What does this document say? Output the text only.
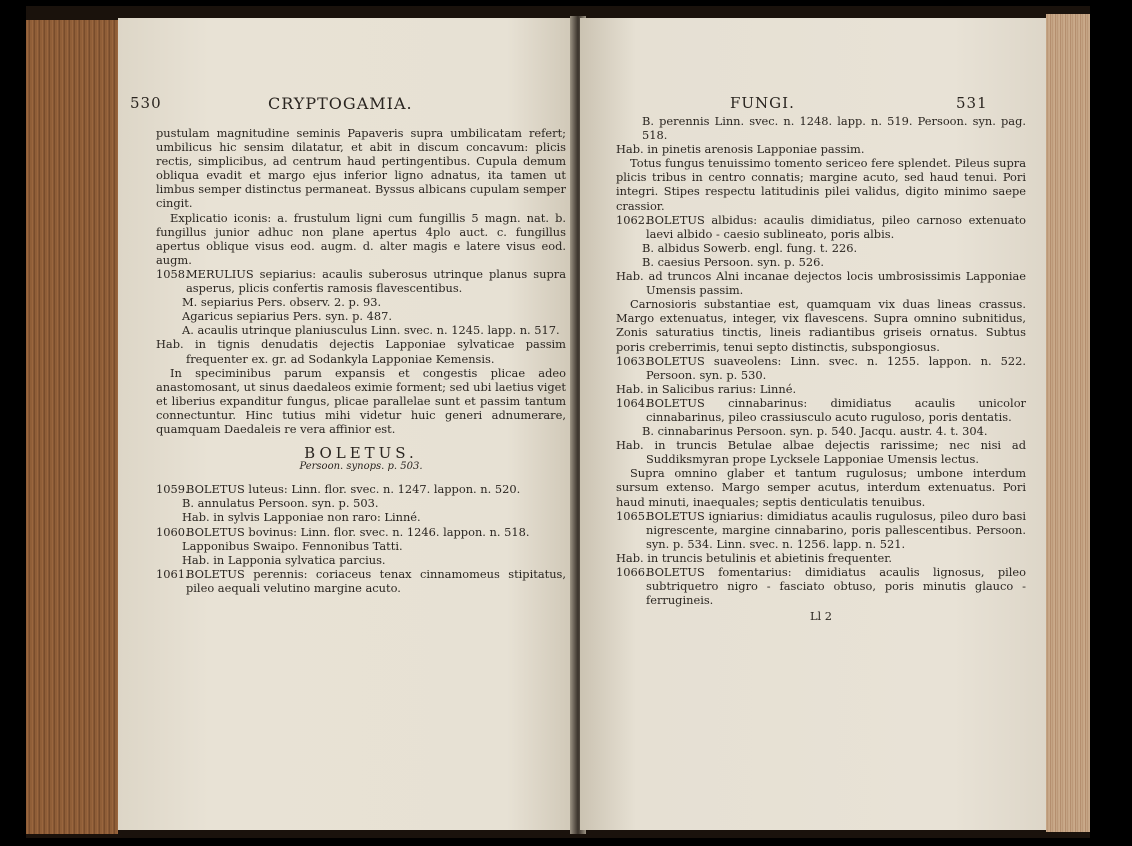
530	CRYPTOGAMIA.
pustulam magnitudine seminis Papaveris supra umbilicatam refert; umbilicus hic sensim dilatatur, et abit in discum concavum: plicis rectis, simplicibus, ad centrum haud pertingentibus. Cupula demum obliqua evadit et margo ejus inferior ligno adnatus, ita tamen ut limbus semper distinctus permaneat. Byssus albicans cupulam semper cingit.
Explicatio iconis: a. frustulum ligni cum fungillis 5 magn. nat. b. fungillus junior adhuc non plane apertus 4plo auct. c. fungillus apertus oblique visus eod. augm. d. alter magis e latere visus eod. augm.
1058.MERULIUS sepiarius: acaulis suberosus utrinque planus supra asperus, plicis confertis ramosis flavescentibus.
M. sepiarius Pers. observ. 2. p. 93.
Agaricus sepiarius Pers. syn. p. 487.
A. acaulis utrinque planiusculus Linn. svec. n. 1245. lapp. n. 517.
Hab. in tignis denudatis dejectis Lapponiae sylvaticae passim frequenter ex. gr. ad Sodankyla Lapponiae Kemensis.
In speciminibus parum expansis et congestis plicae adeo anastomosant, ut sinus daedaleos eximie forment; sed ubi laetius viget et liberius expanditur fungus, plicae parallelae sunt et passim tantum connectuntur. Hinc tutius mihi videtur huic generi adnumerare, quamquam Daedaleis re vera affinior est.
BOLETUS.
Persoon. synops. p. 503.
1059.BOLETUS luteus: Linn. flor. svec. n. 1247. lappon. n. 520.
B. annulatus Persoon. syn. p. 503.
Hab. in sylvis Lapponiae non raro: Linné.
1060.BOLETUS bovinus: Linn. flor. svec. n. 1246. lappon. n. 518.
Lapponibus Swaipo. Fennonibus Tatti.
Hab. in Lapponia sylvatica parcius.
1061.BOLETUS perennis: coriaceus tenax cinnamomeus stipitatus, pileo aequali velutino margine acuto.
FUNGI.	531
B. perennis Linn. svec. n. 1248. lapp. n. 519. Persoon. syn. pag. 518.
Hab. in pinetis arenosis Lapponiae passim.
Totus fungus tenuissimo tomento sericeo fere splendet. Pileus supra plicis tribus in centro connatis; margine acuto, sed haud tenui. Pori integri. Stipes respectu latitudinis pilei validus, digito minimo saepe crassior.
1062.BOLETUS albidus: acaulis dimidiatus, pileo carnoso extenuato laevi albido - caesio sublineato, poris albis.
B. albidus Sowerb. engl. fung. t. 226.
B. caesius Persoon. syn. p. 526.
Hab. ad truncos Alni incanae dejectos locis umbrosissimis Lapponiae Umensis passim.
Carnosioris substantiae est, quamquam vix duas lineas crassus. Margo extenuatus, integer, vix flavescens. Supra omnino subnitidus, Zonis saturatius tinctis, lineis radiantibus griseis ornatus. Subtus poris creberrimis, tenui septo distinctis, subspongiosus.
1063.BOLETUS suaveolens: Linn. svec. n. 1255. lappon. n. 522. Persoon. syn. p. 530.
Hab. in Salicibus rarius: Linné.
1064.BOLETUS cinnabarinus: dimidiatus acaulis unicolor cinnabarinus, pileo crassiusculo acuto ruguloso, poris dentatis.
B. cinnabarinus Persoon. syn. p. 540. Jacqu. austr. 4. t. 304.
Hab. in truncis Betulae albae dejectis rarissime; nec nisi ad Suddiksmyran prope Lycksele Lapponiae Umensis lectus.
Supra omnino glaber et tantum rugulosus; umbone interdum sursum extenso. Margo semper acutus, interdum extenuatus. Pori haud minuti, inaequales; septis denticulatis tenuibus.
1065.BOLETUS igniarius: dimidiatus acaulis rugulosus, pileo duro basi nigrescente, margine cinnabarino, poris pallescentibus. Persoon. syn. p. 534. Linn. svec. n. 1256. lapp. n. 521.
Hab. in truncis betulinis et abietinis frequenter.
1066.BOLETUS fomentarius: dimidiatus acaulis lignosus, pileo subtriquetro nigro - fasciato obtuso, poris minutis glauco - ferrugineis.
Ll 2
